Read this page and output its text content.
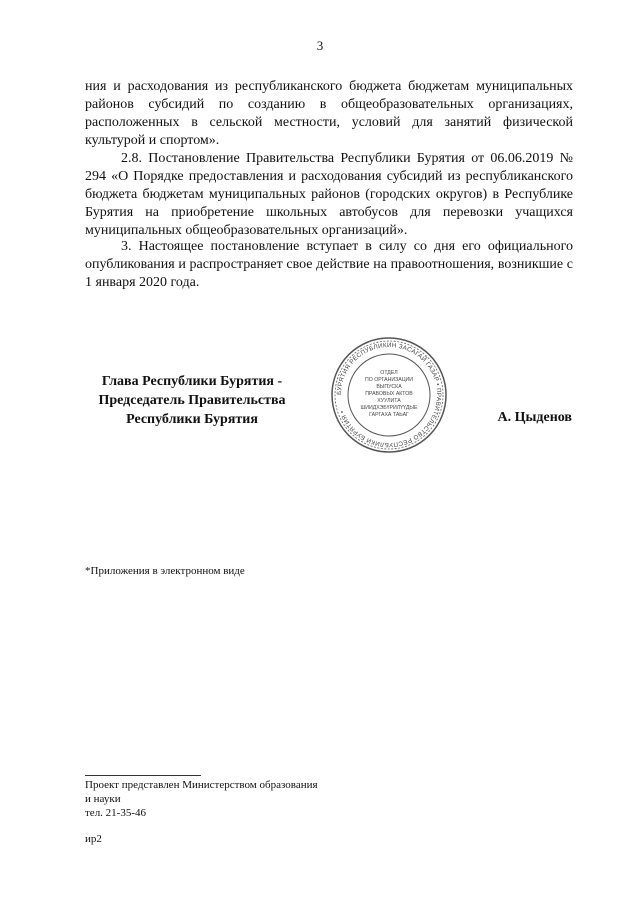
3

ния и расходования из республиканского бюджета бюджетам муниципальных районов субсидий по созданию в общеобразовательных организациях, расположенных в сельской местности, условий для занятий физической культурой и спортом».

2.8. Постановление Правительства Республики Бурятия от 06.06.2019 № 294 «О Порядке предоставления и расходования субсидий из республиканского бюджета бюджетам муниципальных районов (городских округов) в Республике Бурятия на приобретение школьных автобусов для перевозки учащихся муниципальных общеобразовательных организаций».

3. Настоящее постановление вступает в силу со дня его официального опубликования и распространяет свое действие на правоотношения, возникшие с 1 января 2020 года.

Глава Республики Бурятия -
Председатель Правительства
Республики Бурятия
БУРЯТИЯ РЕСПУБЛИКИН ЗАСАГАЙ ГАЗАР • ПРАВИТЕЛЬСТВО РЕСПУБЛИКИ БУРЯТИЯ •
ОТДЕЛ
ПО ОРГАНИЗАЦИИ
ВЫПУСКА
ПРАВОВЫХ АКТОВ
ХУУЛИТА
ШИИДХЭБҮРИЛҮҮДЫЕ
ГАРГАХА ТАЬАГ	А. Цыденов
*Приложения в электронном виде
Проект представлен Министерством образования
и науки
тел. 21-35-46
ир2
